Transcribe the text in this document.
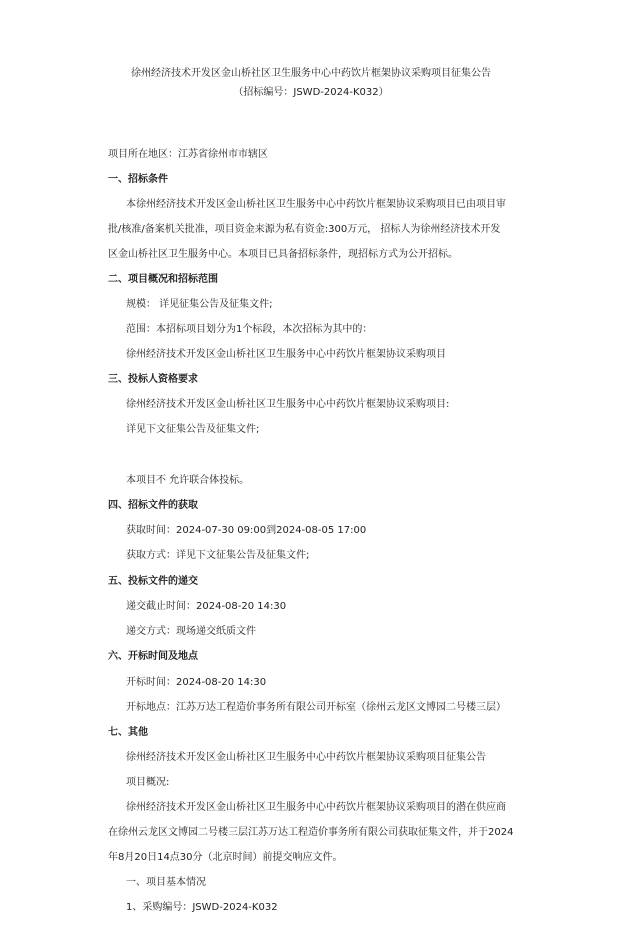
徐州经济技术开发区金山桥社区卫生服务中心中药饮片框架协议采购项目征集公告
（招标编号：JSWD-2024-K032）
项目所在地区：江苏省徐州市市辖区
一、招标条件
本徐州经济技术开发区金山桥社区卫生服务中心中药饮片框架协议采购项目已由项目审
批/核准/备案机关批准，项目资金来源为私有资金:300万元， 招标人为徐州经济技术开发
区金山桥社区卫生服务中心。本项目已具备招标条件，现招标方式为公开招标。
二、项目概况和招标范围
规模： 详见征集公告及征集文件;
范围：本招标项目划分为1个标段，本次招标为其中的：
徐州经济技术开发区金山桥社区卫生服务中心中药饮片框架协议采购项目
三、投标人资格要求
徐州经济技术开发区金山桥社区卫生服务中心中药饮片框架协议采购项目:
详见下文征集公告及征集文件;
本项目不 允许联合体投标。
四、招标文件的获取
获取时间：2024-07-30 09:00到2024-08-05 17:00
获取方式：详见下文征集公告及征集文件;
五、投标文件的递交
递交截止时间：2024-08-20 14:30
递交方式：现场递交纸质文件
六、开标时间及地点
开标时间：2024-08-20 14:30
开标地点：江苏万达工程造价事务所有限公司开标室（徐州云龙区文博园二号楼三层）
七、其他
徐州经济技术开发区金山桥社区卫生服务中心中药饮片框架协议采购项目征集公告
项目概况:
徐州经济技术开发区金山桥社区卫生服务中心中药饮片框架协议采购项目的潜在供应商
在徐州云龙区文博园二号楼三层江苏万达工程造价事务所有限公司获取征集文件，并于2024
年8月20日14点30分（北京时间）前提交响应文件。
一、项目基本情况
1、采购编号：JSWD-2024-K032
